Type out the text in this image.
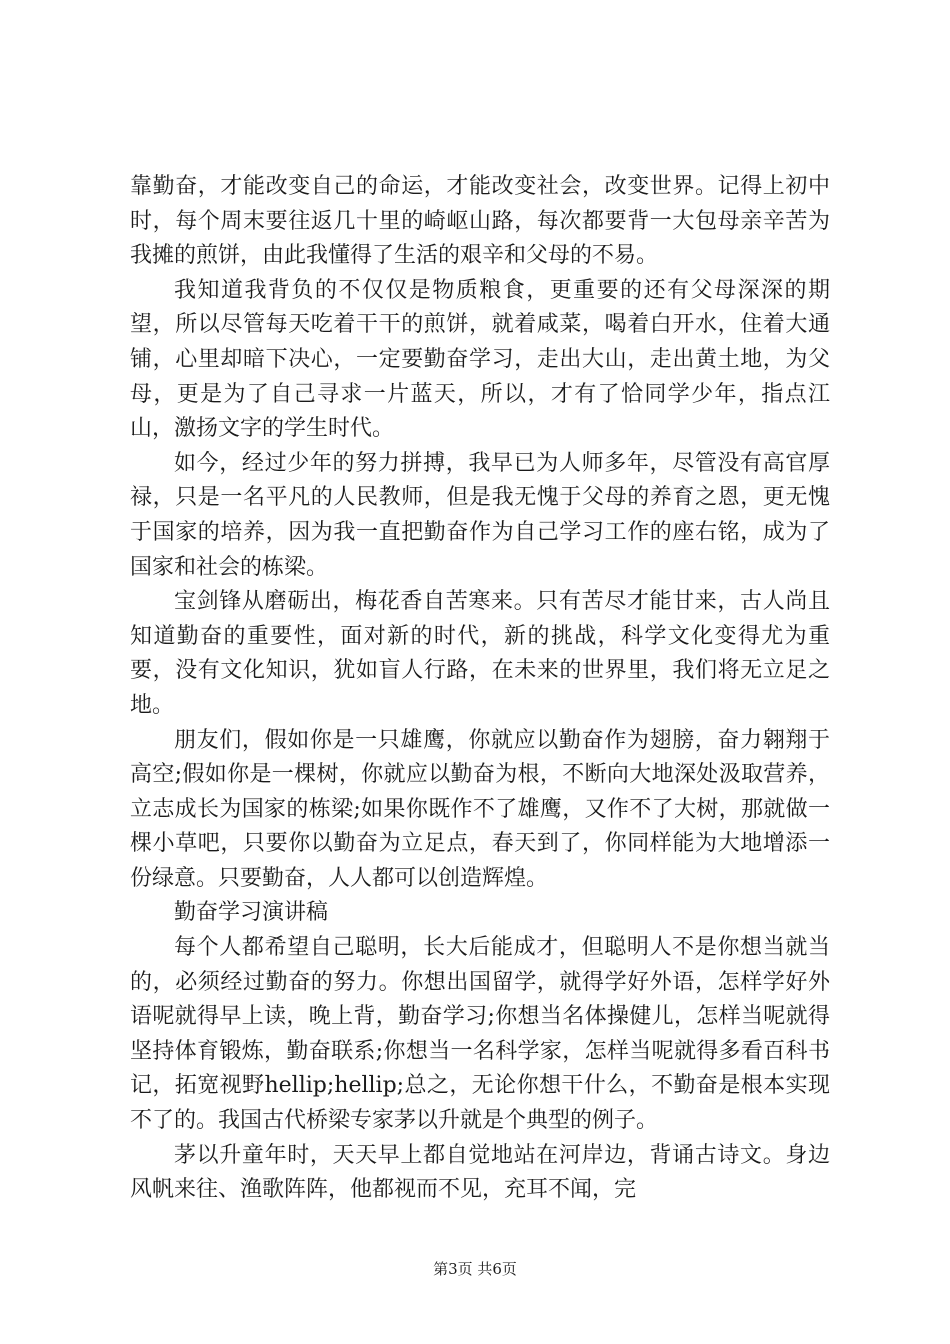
靠勤奋，才能改变自己的命运，才能改变社会，改变世界。记得上初中时，每个周末要往返几十里的崎岖山路，每次都要背一大包母亲辛苦为我摊的煎饼，由此我懂得了生活的艰辛和父母的不易。

我知道我背负的不仅仅是物质粮食，更重要的还有父母深深的期望，所以尽管每天吃着干干的煎饼，就着咸菜，喝着白开水，住着大通铺，心里却暗下决心，一定要勤奋学习，走出大山，走出黄土地，为父母，更是为了自己寻求一片蓝天，所以，才有了恰同学少年，指点江山，激扬文字的学生时代。

如今，经过少年的努力拼搏，我早已为人师多年，尽管没有高官厚禄，只是一名平凡的人民教师，但是我无愧于父母的养育之恩，更无愧于国家的培养，因为我一直把勤奋作为自己学习工作的座右铭，成为了国家和社会的栋梁。

宝剑锋从磨砺出，梅花香自苦寒来。只有苦尽才能甘来，古人尚且知道勤奋的重要性，面对新的时代，新的挑战，科学文化变得尤为重要，没有文化知识，犹如盲人行路，在未来的世界里，我们将无立足之地。

朋友们，假如你是一只雄鹰，你就应以勤奋作为翅膀，奋力翱翔于高空;假如你是一棵树，你就应以勤奋为根，不断向大地深处汲取营养，立志成长为国家的栋梁;如果你既作不了雄鹰，又作不了大树，那就做一棵小草吧，只要你以勤奋为立足点，春天到了，你同样能为大地增添一份绿意。只要勤奋，人人都可以创造辉煌。

勤奋学习演讲稿

每个人都希望自己聪明，长大后能成才，但聪明人不是你想当就当的，必须经过勤奋的努力。你想出国留学，就得学好外语，怎样学好外语呢就得早上读，晚上背，勤奋学习;你想当名体操健儿，怎样当呢就得坚持体育锻炼，勤奋联系;你想当一名科学家，怎样当呢就得多看百科书记，拓宽视野hellip;hellip;总之，无论你想干什么，不勤奋是根本实现不了的。我国古代桥梁专家茅以升就是个典型的例子。

茅以升童年时，天天早上都自觉地站在河岸边，背诵古诗文。身边风帆来往、渔歌阵阵，他都视而不见，充耳不闻，完

第3页 共6页
